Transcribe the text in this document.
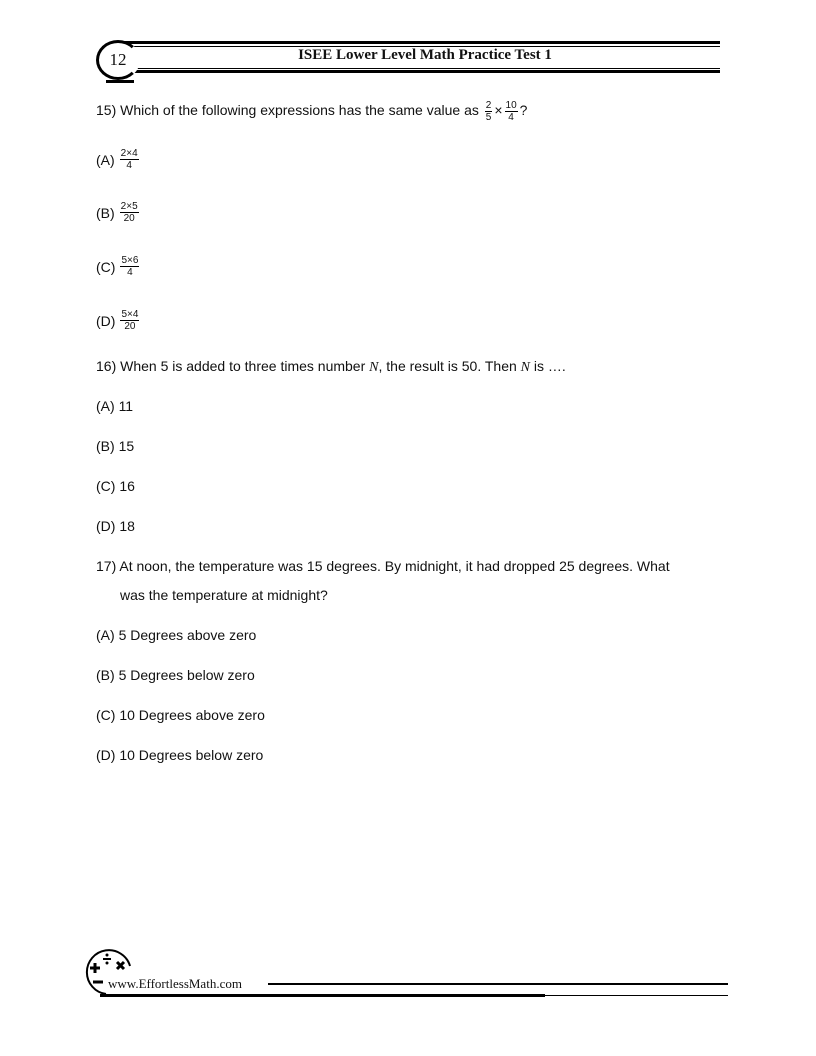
12	ISEE Lower Level Math Practice Test 1
15) Which of the following expressions has the same value as $\frac{2}{5} \times \frac{10}{4}$ ?
$(A) \frac{2\times 4}{4}$
$(B) \frac{2\times 5}{20}$
$(C) \frac{5\times 6}{4}$
$(D) \frac{5\times 4}{20}$
16) When 5 is added to three times number N, the result is 50. Then N is ….
(A) 11
(B) 15
(C) 16
(D) 18
17) At noon, the temperature was 15 degrees. By midnight, it had dropped 25 degrees. What
was the temperature at midnight?
(A) 5 Degrees above zero
(B) 5 Degrees below zero
(C) 10 Degrees above zero
(D) 10 Degrees below zero
www.EffortlessMath.com
